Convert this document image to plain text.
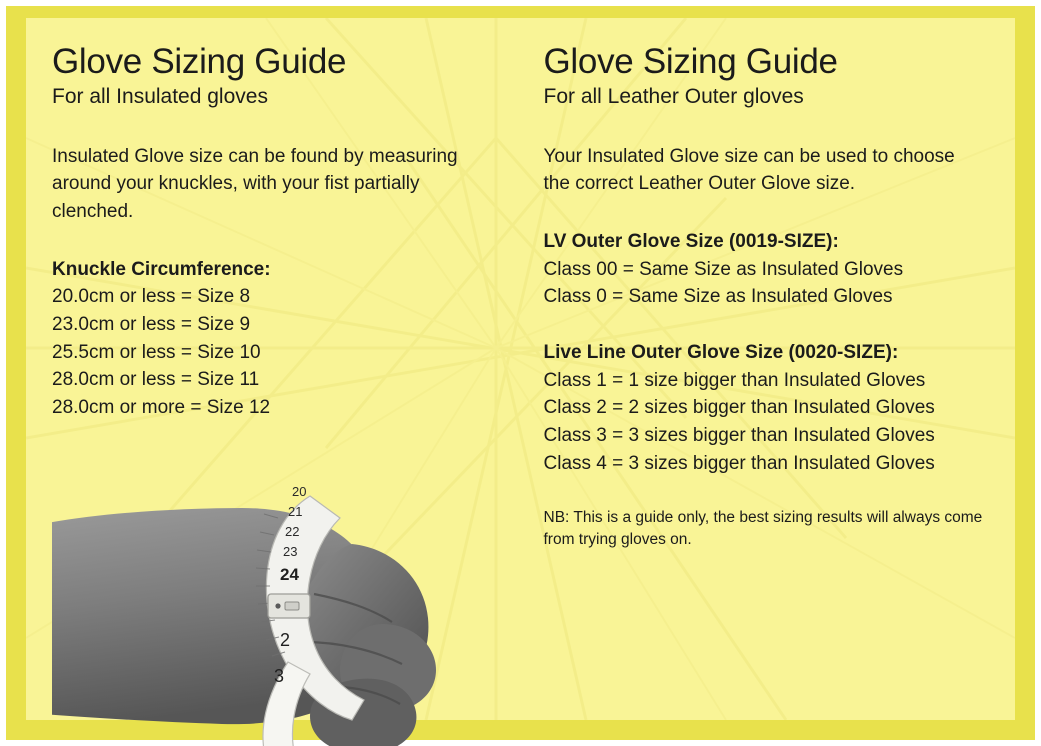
Glove Sizing Guide
For all Insulated gloves

Insulated Glove size can be found by measuring around your knuckles, with your fist partially clenched.

Knuckle Circumference:
20.0cm or less = Size 8
23.0cm or less = Size 9
25.5cm or less = Size 10
28.0cm or less = Size 11
28.0cm or more = Size 12
20
21
22
23
24
2
3
Glove Sizing Guide
For all Leather Outer gloves

Your Insulated Glove size can be used to choose the correct Leather Outer Glove size.

LV Outer Glove Size (0019-SIZE):
Class 00 = Same Size as Insulated Gloves
Class 0 = Same Size as Insulated Gloves
Live Line Outer Glove Size (0020-SIZE):
Class 1 = 1 size bigger than Insulated Gloves
Class 2 = 2 sizes bigger than Insulated Gloves
Class 3 = 3 sizes bigger than Insulated Gloves
Class 4 = 3 sizes bigger than Insulated Gloves

NB: This is a guide only, the best sizing results will always come from trying gloves on.
